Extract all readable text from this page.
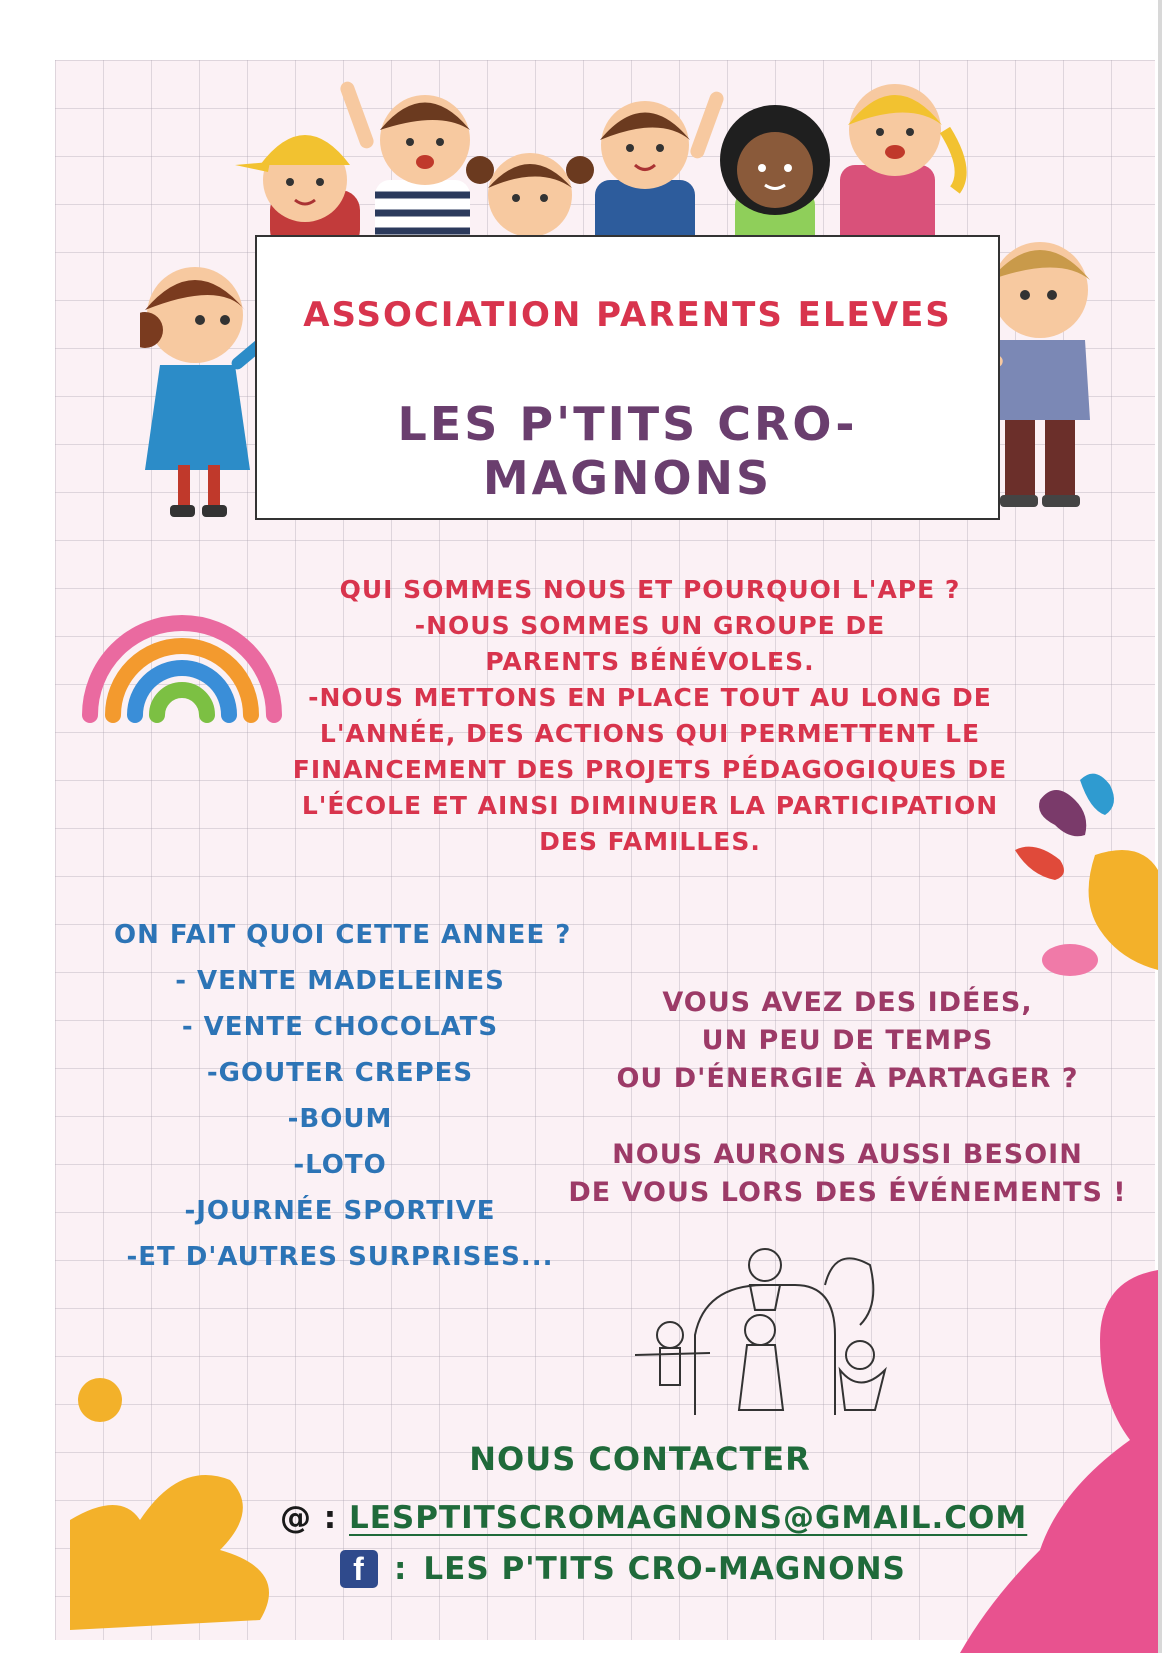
ASSOCIATION PARENTS ELEVES
LES P'TITS CRO-MAGNONS
QUI SOMMES NOUS ET POURQUOI L'APE ?
-NOUS SOMMES UN GROUPE DE PARENTS BÉNÉVOLES.
-NOUS METTONS EN PLACE TOUT AU LONG DE L'ANNÉE, DES ACTIONS QUI PERMETTENT LE FINANCEMENT DES PROJETS PÉDAGOGIQUES DE L'ÉCOLE ET AINSI DIMINUER LA PARTICIPATION DES FAMILLES.
ON FAIT QUOI CETTE ANNEE ?
- VENTE MADELEINES
- VENTE CHOCOLATS
-GOUTER CREPES
-BOUM
-LOTO
-JOURNÉE SPORTIVE
-ET D'AUTRES SURPRISES...
VOUS AVEZ DES IDÉES,
UN PEU DE TEMPS
OU D'ÉNERGIE À PARTAGER ?
NOUS AURONS AUSSI BESOIN
DE VOUS LORS DES ÉVÉNEMENTS !
NOUS CONTACTER
@ : LESPTITSCROMAGNONS@GMAIL.COM
f : LES P'TITS CRO-MAGNONS
